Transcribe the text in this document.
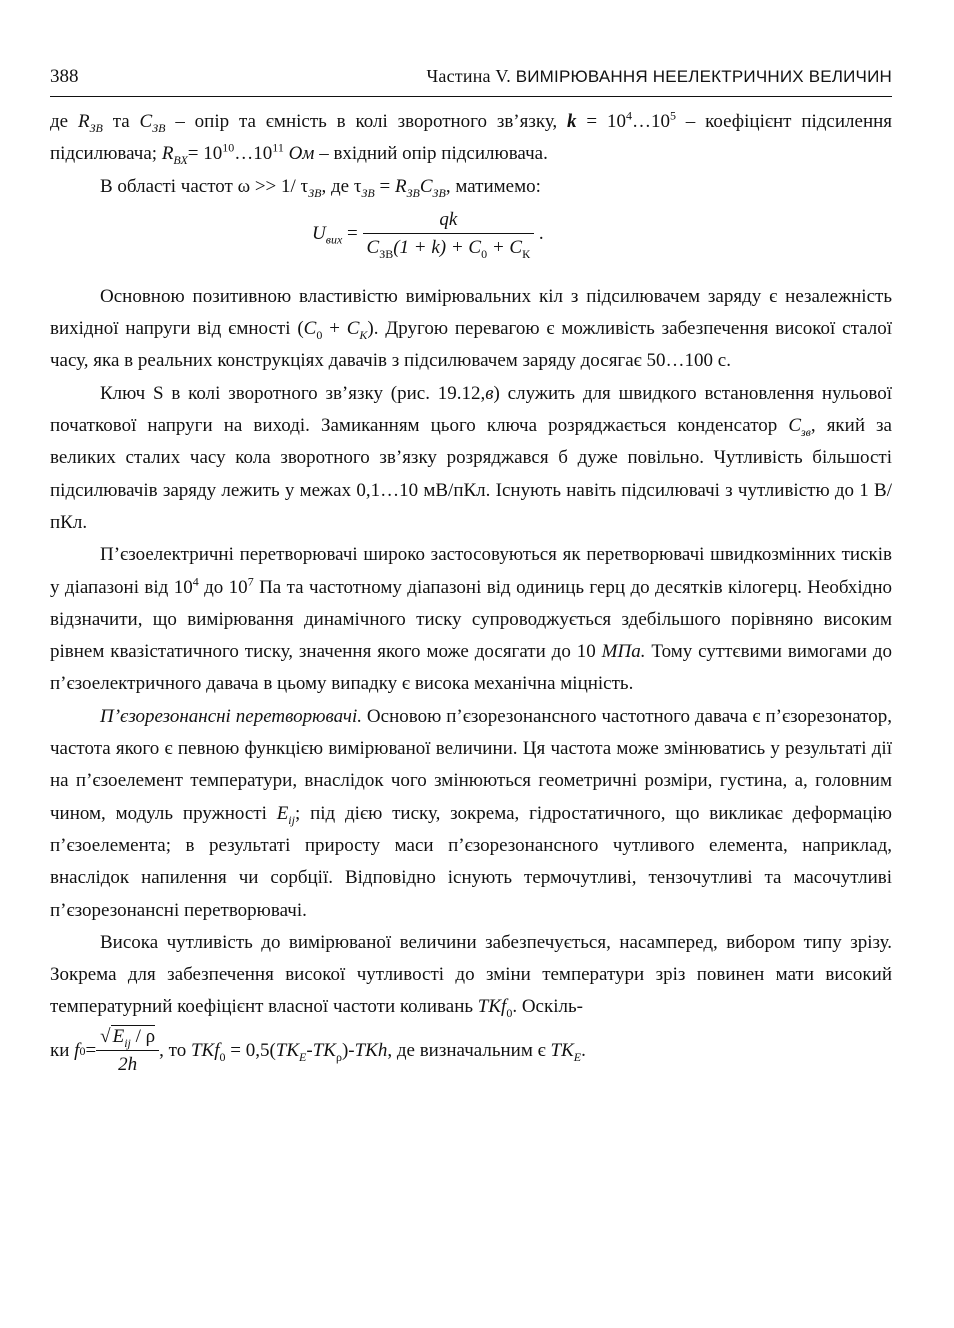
388	Частина V. ВИМІРЮВАННЯ НЕЕЛЕКТРИЧНИХ ВЕЛИЧИН

де $R_{ЗВ}$ та $C_{ЗВ}$ – опір та ємність в колі зворотного зв’язку, $k = 10^4\dots 10^5$ – коефіцієнт підсилення підсилювача; $R_{ВХ}=$ $10^{10}\dots 10^{11}$ Ом – вхідний опір підсилювача.

В області частот ω >> 1/ $\tau_{ЗВ}$, де $\tau_{ЗВ} = R_{ЗВ}C_{ЗВ}$, матимемо:

$U_{вих} = \frac{qk}{C_{ЗВ}(1 + k) + C_0 + C_К}$ .

Основною позитивною властивістю вимірювальних кіл з підсилювачем заряду є незалежність вихідної напруги від ємності $(C_0 + C_К)$. Другою перевагою є можливість забезпечення високої сталої часу, яка в реальних конструкціях давачів з підсилювачем заряду досягає 50…100 с.

Ключ S в колі зворотного зв’язку (рис. 19.12,в) служить для швидкого встановлення нульової початкової напруги на виході. Замиканням цього ключа розряджається конденсатор $C_{зв}$, який за великих сталих часу кола зворотного зв’язку розряджався б дуже повільно. Чутливість більшості підсилювачів заряду лежить у межах 0,1…10 мВ/пКл. Існують навіть підсилювачі з чутливістю до 1 В/пКл.

П’єзоелектричні перетворювачі широко застосовуються як перетворювачі швидкозмінних тисків у діапазоні від $10^4$ до $10^7$ Па та частотному діапазоні від одиниць герц до десятків кілогерц. Необхідно відзначити, що вимірювання динамічного тиску супроводжується здебільшого порівняно високим рівнем квазістатичного тиску, значення якого може досягати до 10 МПа. Тому суттєвими вимогами до п’єзоелектричного давача в цьому випадку є висока механічна міцність.

П’єзорезонансні перетворювачі. Основою п’єзорезонансного частотного давача є п’єзорезонатор, частота якого є певною функцією вимірюваної величини. Ця частота може змінюватись у результаті дії на п’єзоелемент температури, внаслідок чого змінюються геометричні розміри, густина, а, головним чином, модуль пружності $E_{ij}$; під дією тиску, зокрема, гідростатичного, що викликає деформацію п’єзоелемента; в результаті приросту маси п’єзорезонансного чутливого елемента, наприклад, внаслідок напилення чи сорбції. Відповідно існують термочутливі, тензочутливі та масочутливі п’єзорезонансні перетворювачі.

Висока чутливість до вимірюваної величини забезпечується, насамперед, вибором типу зрізу. Зокрема для забезпечення високої чутливості до зміни температури зріз повинен мати високий температурний коефіцієнт власної частоти коливань TKf$_0$. Оскіль-

ки
f $0 = \frac{√ E_{ij} / \rho}{2h}$ , то $TKf_0 = 0,5(TK_E-TK_\rho)$-TKh, де визначальним є $TK_E$.
